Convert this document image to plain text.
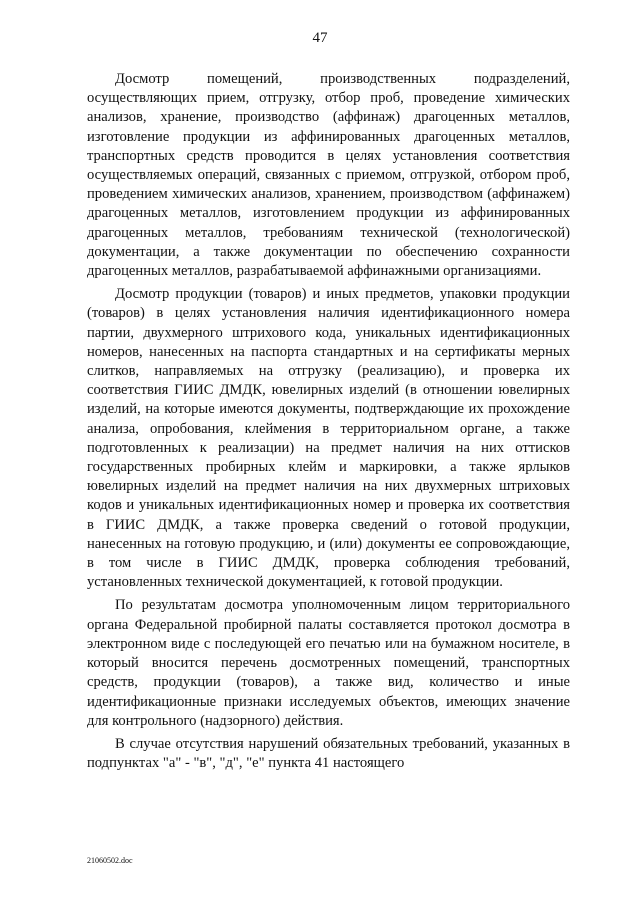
47

Досмотр помещений, производственных подразделений, осуществляющих прием, отгрузку, отбор проб, проведение химических анализов, хранение, производство (аффинаж) драгоценных металлов, изготовление продукции из аффинированных драгоценных металлов, транспортных средств проводится в целях установления соответствия осуществляемых операций, связанных с приемом, отгрузкой, отбором проб, проведением химических анализов, хранением, производством (аффинажем) драгоценных металлов, изготовлением продукции из аффинированных драгоценных металлов, требованиям технической (технологической) документации, а также документации по обеспечению сохранности драгоценных металлов, разрабатываемой аффинажными организациями.

Досмотр продукции (товаров) и иных предметов, упаковки продукции (товаров) в целях установления наличия идентификационного номера партии, двухмерного штрихового кода, уникальных идентификационных номеров, нанесенных на паспорта стандартных и на сертификаты мерных слитков, направляемых на отгрузку (реализацию), и проверка их соответствия ГИИС ДМДК, ювелирных изделий (в отношении ювелирных изделий, на которые имеются документы, подтверждающие их прохождение анализа, опробования, клеймения в территориальном органе, а также подготовленных к реализации) на предмет наличия на них оттисков государственных пробирных клейм и маркировки, а также ярлыков ювелирных изделий на предмет наличия на них двухмерных штриховых кодов и уникальных идентификационных номер и проверка их соответствия в ГИИС ДМДК, а также проверка сведений о готовой продукции, нанесенных на готовую продукцию, и (или) документы ее сопровождающие, в том числе в ГИИС ДМДК, проверка соблюдения требований, установленных технической документацией, к готовой продукции.

По результатам досмотра уполномоченным лицом территориального органа Федеральной пробирной палаты составляется протокол досмотра в электронном виде с последующей его печатью или на бумажном носителе, в который вносится перечень досмотренных помещений, транспортных средств, продукции (товаров), а также вид, количество и иные идентификационные признаки исследуемых объектов, имеющих значение для контрольного (надзорного) действия.

В случае отсутствия нарушений обязательных требований, указанных в подпунктах "а" - "в", "д", "е" пункта 41 настоящего

21060502.doc
